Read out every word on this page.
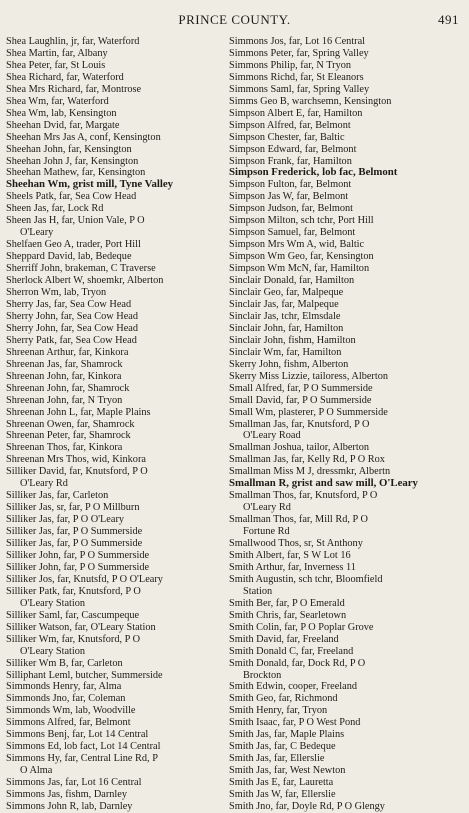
PRINCE COUNTY.	491
Shea Laughlin, jr, far, Waterford
Shea Martin, far, Albany
Shea Peter, far, St Louis
Shea Richard, far, Waterford
Shea Mrs Richard, far, Montrose
Shea Wm, far, Waterford
Shea Wm, lab, Kensington
Sheehan Dvid, far, Margate
Sheehan Mrs Jas A, conf, Kensington
Sheehan John, far, Kensington
Sheehan John J, far, Kensington
Sheehan Mathew, far, Kensington
Sheehan Wm, grist mill, Tyne Valley
Sheels Patk, far, Sea Cow Head
Sheen Jas, far, Lock Rd
Sheen Jas H, far, Union Vale, P O
O'Leary
Shelfaen Geo A, trader, Port Hill
Sheppard David, lab, Bedeque
Sherriff John, brakeman, C Traverse
Sherlock Albert W, shoemkr, Alberton
Sherron Wm, lab, Tryon
Sherry Jas, far, Sea Cow Head
Sherry John, far, Sea Cow Head
Sherry John, far, Sea Cow Head
Sherry Patk, far, Sea Cow Head
Shreenan Arthur, far, Kinkora
Shreenan Jas, far, Shamrock
Shreenan John, far, Kinkora
Shreenan John, far, Shamrock
Shreenan John, far, N Tryon
Shreenan John L, far, Maple Plains
Shreenan Owen, far, Shamrock
Shreenan Peter, far, Shamrock
Shreenan Thos, far, Kinkora
Shreenan Mrs Thos, wid, Kinkora
Silliker David, far, Knutsford, P O
O'Leary Rd
Silliker Jas, far, Carleton
Silliker Jas, sr, far, P O Millburn
Silliker Jas, far, P O O'Leary
Silliker Jas, far, P O Summerside
Silliker Jas, far, P O Summerside
Silliker John, far, P O Summerside
Silliker John, far, P O Summerside
Silliker Jos, far, Knutsfd, P O O'Leary
Silliker Patk, far, Knutsford, P O
O'Leary Station
Silliker Saml, far, Cascumpeque
Silliker Watson, far, O'Leary Station
Silliker Wm, far, Knutsford, P O
O'Leary Station
Silliker Wm B, far, Carleton
Silliphant Leml, butcher, Summerside
Simmonds Henry, far, Alma
Simmonds Jno, far, Coleman
Simmonds Wm, lab, Woodville
Simmons Alfred, far, Belmont
Simmons Benj, far, Lot 14 Central
Simmons Ed, lob fact, Lot 14 Central
Simmons Hy, far, Central Line Rd, P
O Alma
Simmons Jas, far, Lot 16 Central
Simmons Jas, fishm, Darnley
Simmons John R, lab, Darnley
Simmons Jos, far, Lot 16 Central
Simmons Peter, far, Spring Valley
Simmons Philip, far, N Tryon
Simmons Richd, far, St Eleanors
Simmons Saml, far, Spring Valley
Simms Geo B, warchsemn, Kensington
Simpson Albert E, far, Hamilton
Simpson Alfred, far, Belmont
Simpson Chester, far, Baltic
Simpson Edward, far, Belmont
Simpson Frank, far, Hamilton
Simpson Frederick, lob fac, Belmont
Simpson Fulton, far, Belmont
Simpson Jas W, far, Belmont
Simpson Judson, far, Belmont
Simpson Milton, sch tchr, Port Hill
Simpson Samuel, far, Belmont
Simpson Mrs Wm A, wid, Baltic
Simpson Wm Geo, far, Kensington
Simpson Wm McN, far, Hamilton
Sinclair Donald, far, Hamilton
Sinclair Geo, far, Malpeque
Sinclair Jas, far, Malpeque
Sinclair Jas, tchr, Elmsdale
Sinclair John, far, Hamilton
Sinclair John, fishm, Hamilton
Sinclair Wm, far, Hamilton
Skerry John, fishm, Alberton
Skerry Miss Lizzie, tailoress, Alberton
Small Alfred, far, P O Summerside
Small David, far, P O Summerside
Small Wm, plasterer, P O Summerside
Smallman Jas, far, Knutsford, P O
O'Leary Road
Smallman Joshua, tailor, Alberton
Smallman Jas, far, Kelly Rd, P O Rox
Smallman Miss M J, dressmkr, Albertn
Smallman R, grist and saw mill, O'Leary
Smallman Thos, far, Knutsford, P O
O'Leary Rd
Smallman Thos, far, Mill Rd, P O
Fortune Rd
Smallwood Thos, sr, St Anthony
Smith Albert, far, S W Lot 16
Smith Arthur, far, Inverness 11
Smith Augustin, sch tchr, Bloomfield
Station
Smith Ber, far, P O Emerald
Smith Chris, far, Searletown
Smith Colin, far, P O Poplar Grove
Smith David, far, Freeland
Smith Donald C, far, Freeland
Smith Donald, far, Dock Rd, P O
Brockton
Smith Edwin, cooper, Freeland
Smith Geo, far, Richmond
Smith Henry, far, Tryon
Smith Isaac, far, P O West Pond
Smith Jas, far, Maple Plains
Smith Jas, far, C Bedeque
Smith Jas, far, Ellerslie
Smith Jas, far, West Newton
Smith Jas E, far, Lauretta
Smith Jas W, far, Ellerslie
Smith Jno, far, Doyle Rd, P O Glengy
